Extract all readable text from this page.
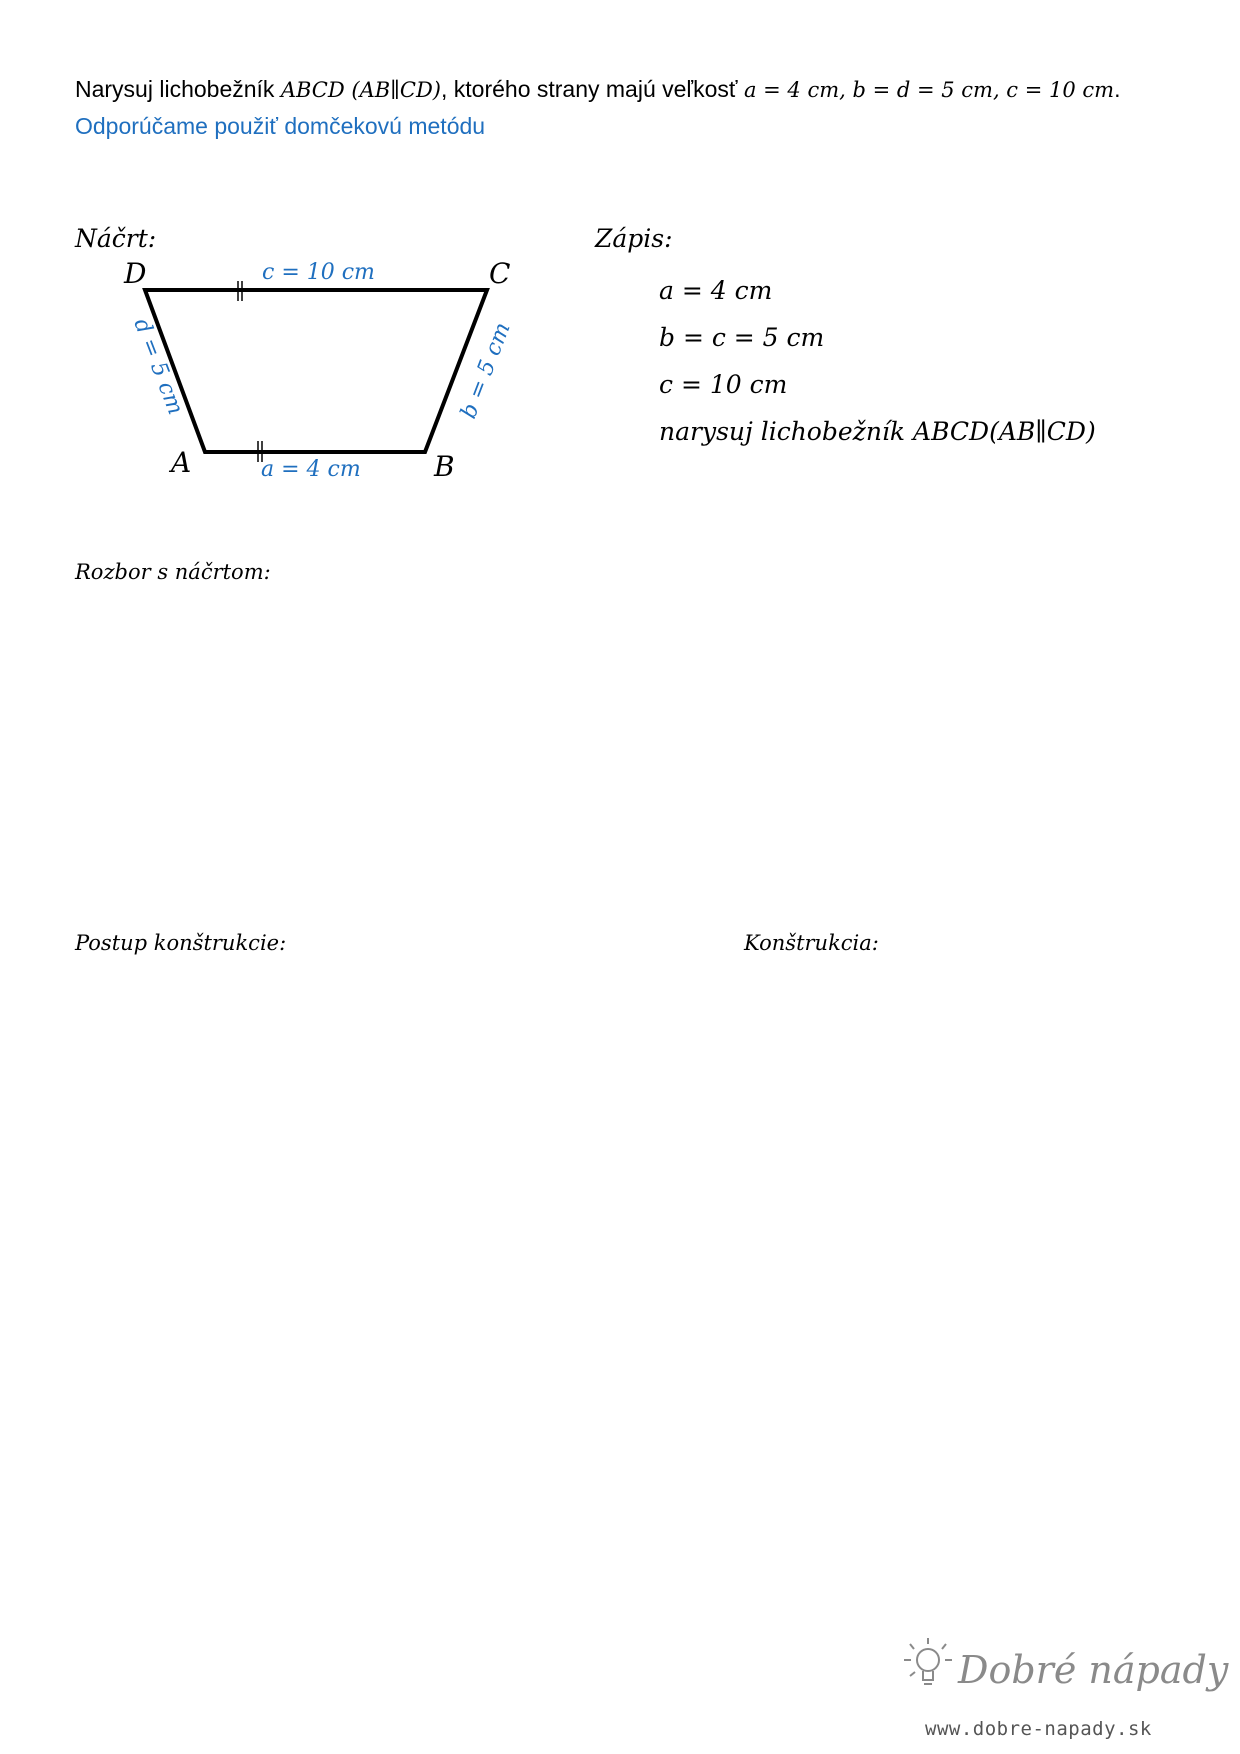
Narysuj lichobežník ABCD (AB∥CD), ktorého strany majú veľkosť a = 4 cm, b = d = 5 cm, c = 10 cm.
Odporúčame použiť domčekovú metódu
Náčrt:
D	C
A	B
c = 10 cm
a = 4 cm
d = 5 cm	b = 5 cm
Zápis:
a = 4 cm
b = c = 5 cm
c = 10 cm
narysuj lichobežník ABCD(AB∥CD)
Rozbor s náčrtom:
Postup konštrukcie:	Konštrukcia:
Dobré nápady
www.dobre-napady.sk
